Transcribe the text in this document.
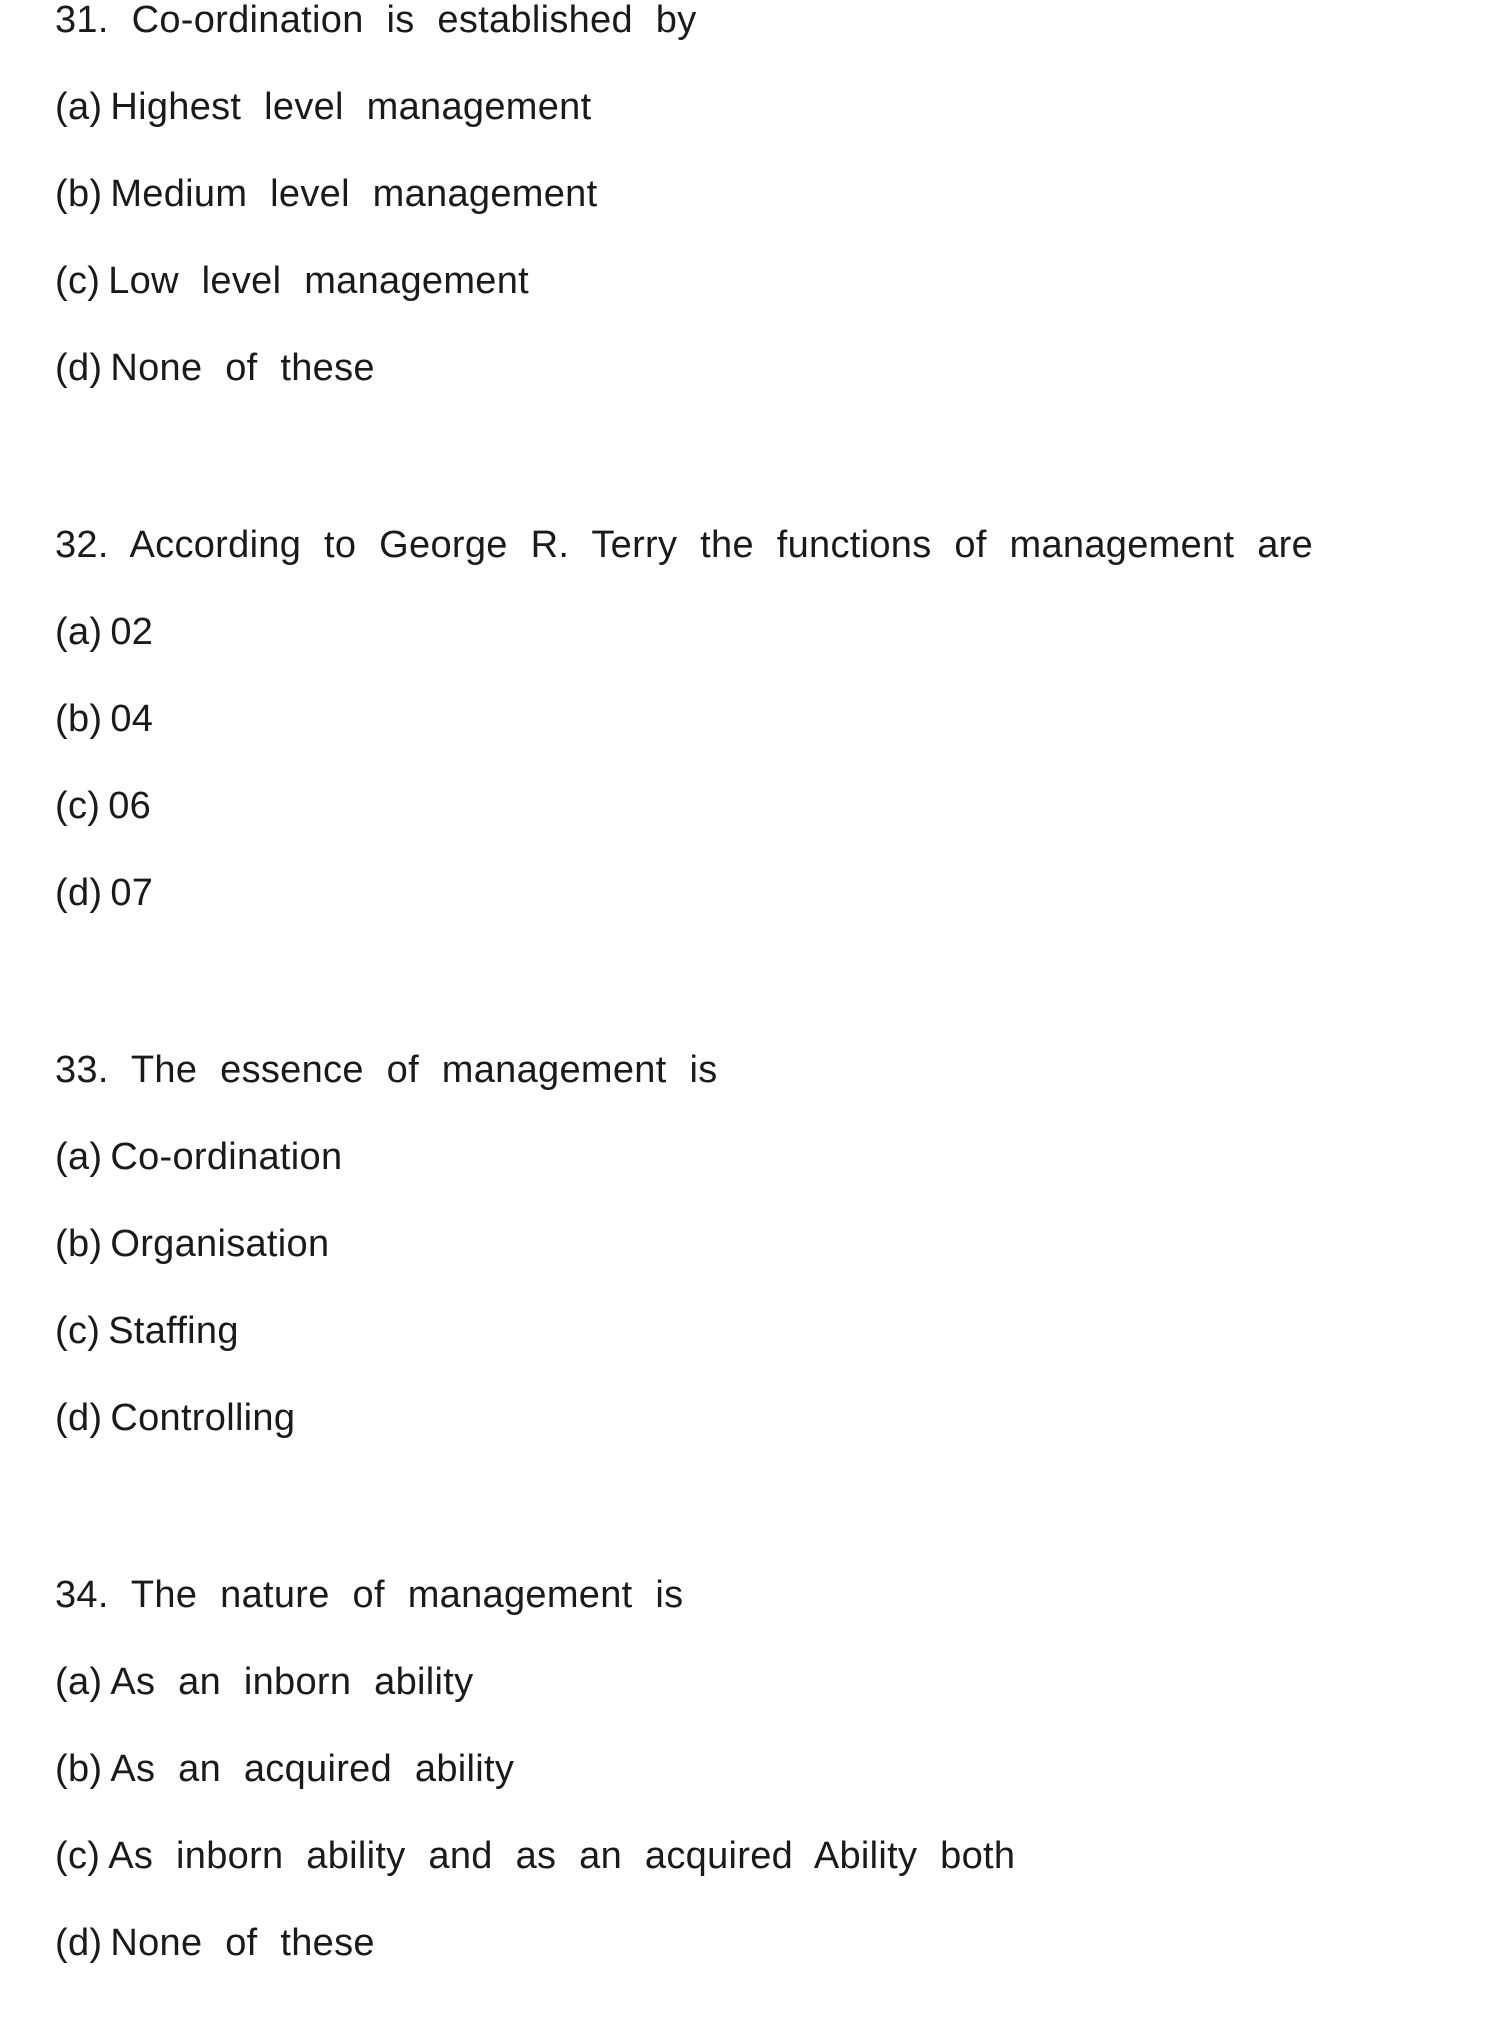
31. Co-ordination is established by
(a) Highest level management
(b) Medium level management
(c) Low level management
(d) None of these
32. According to George R. Terry the functions of management are
(a) 02
(b) 04
(c) 06
(d) 07
33. The essence of management is
(a) Co-ordination
(b) Organisation
(c) Staffing
(d) Controlling
34. The nature of management is
(a) As an inborn ability
(b) As an acquired ability
(c) As inborn ability and as an acquired Ability both
(d) None of these
